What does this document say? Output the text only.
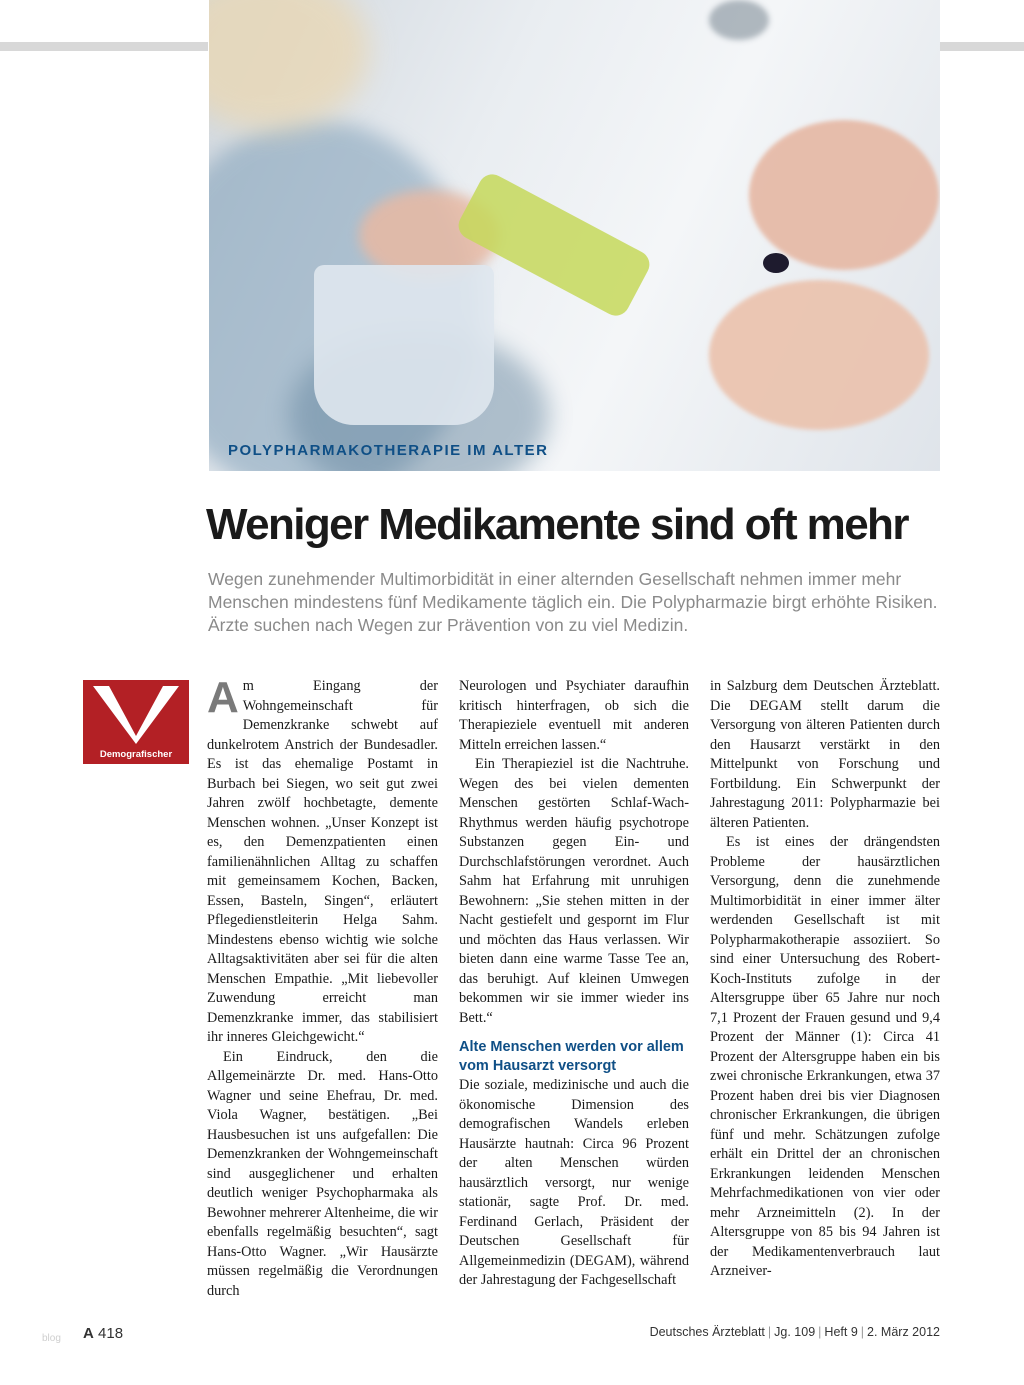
POLYPHARMAKOTHERAPIE IM ALTER
Weniger Medikamente sind oft mehr
Wegen zunehmender Multimorbidität in einer alternden Gesellschaft nehmen immer mehr Menschen mindestens fünf Medikamente täglich ein. Die Polypharmazie birgt erhöhte Risiken. Ärzte suchen nach Wegen zur Prävention von zu viel Medizin.
Demografischer Wandel

Am Eingang der Wohngemeinschaft für Demenzkranke schwebt auf dunkelrotem Anstrich der Bundesadler. Es ist das ehemalige Postamt in Burbach bei Siegen, wo seit gut zwei Jahren zwölf hochbetagte, demente Menschen wohnen. „Unser Konzept ist es, den Demenzpatienten einen familienähnlichen Alltag zu schaffen mit gemeinsamem Kochen, Backen, Essen, Basteln, Singen“, erläutert Pflegedienstleiterin Helga Sahm. Mindestens ebenso wichtig wie solche Alltagsaktivitäten aber sei für die alten Menschen Empathie. „Mit liebevoller Zuwendung erreicht man Demenzkranke immer, das stabilisiert ihr inneres Gleichgewicht.“

Ein Eindruck, den die Allgemeinärzte Dr. med. Hans-Otto Wagner und seine Ehefrau, Dr. med. Viola Wagner, bestätigen. „Bei Hausbesuchen ist uns aufgefallen: Die Demenzkranken der Wohngemeinschaft sind ausgeglichener und erhalten deutlich weniger Psychopharmaka als Bewohner mehrerer Altenheime, die wir ebenfalls regelmäßig besuchten“, sagt Hans-Otto Wagner. „Wir Hausärzte müssen regelmäßig die Verordnungen durch

Neurologen und Psychiater daraufhin kritisch hinterfragen, ob sich die Therapieziele eventuell mit anderen Mitteln erreichen lassen.“

Ein Therapieziel ist die Nachtruhe. Wegen des bei vielen dementen Menschen gestörten Schlaf-Wach-Rhythmus werden häufig psychotrope Substanzen gegen Ein- und Durchschlafstörungen verordnet. Auch Sahm hat Erfahrung mit unruhigen Bewohnern: „Sie stehen mitten in der Nacht gestiefelt und gespornt im Flur und möchten das Haus verlassen. Wir bieten dann eine warme Tasse Tee an, das beruhigt. Auf kleinen Umwegen bekommen wir sie immer wieder ins Bett.“

Alte Menschen werden vor allem vom Hausarzt versorgt

Die soziale, medizinische und auch die ökonomische Dimension des demografischen Wandels erleben Hausärzte hautnah: Circa 96 Prozent der alten Menschen würden hausärztlich versorgt, nur wenige stationär, sagte Prof. Dr. med. Ferdinand Gerlach, Präsident der Deutschen Gesellschaft für Allgemeinmedizin (DEGAM), während der Jahrestagung der Fachgesellschaft

in Salzburg dem Deutschen Ärzteblatt. Die DEGAM stellt darum die Versorgung von älteren Patienten durch den Hausarzt verstärkt in den Mittelpunkt von Forschung und Fortbildung. Ein Schwerpunkt der Jahrestagung 2011: Polypharmazie bei älteren Patienten.

Es ist eines der drängendsten Probleme der hausärztlichen Versorgung, denn die zunehmende Multimorbidität in einer immer älter werdenden Gesellschaft ist mit Polypharmakotherapie assoziiert. So sind einer Untersuchung des Robert-Koch-Instituts zufolge in der Altersgruppe über 65 Jahre nur noch 7,1 Prozent der Frauen gesund und 9,4 Prozent der Männer (1): Circa 41 Prozent der Altersgruppe haben ein bis zwei chronische Erkrankungen, etwa 37 Prozent haben drei bis vier Diagnosen chronischer Erkrankungen, die übrigen fünf und mehr. Schätzungen zufolge erhält ein Drittel der an chronischen Erkrankungen leidenden Menschen Mehrfachmedikationen von vier oder mehr Arzneimitteln (2). In der Altersgruppe von 85 bis 94 Jahren ist der Medikamentenverbrauch laut Arzneiver-

blog A 418	Deutsches Ärzteblatt | Jg. 109 | Heft 9 | 2. März 2012
